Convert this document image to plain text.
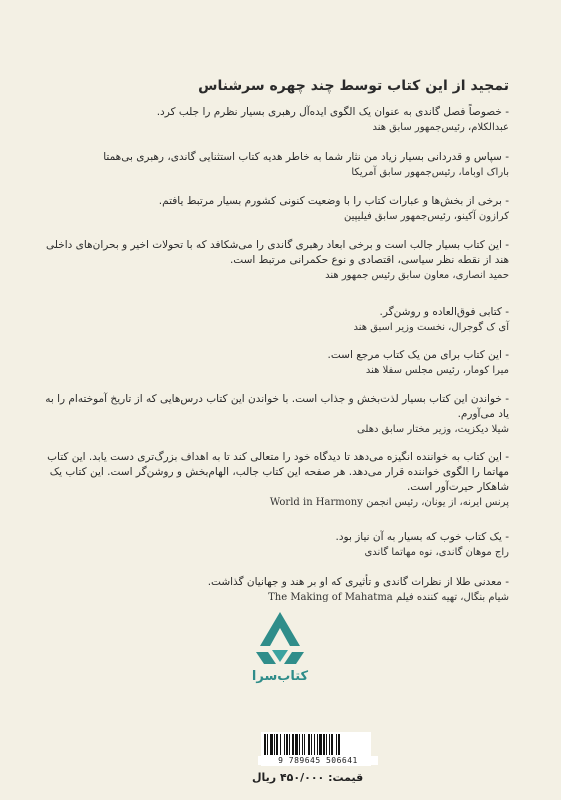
تمجید از این کتاب توسط چند چهره سرشناس

- خصوصاً فصل گاندی به عنوان یک الگوی ایده‌آل رهبری بسیار نظرم را جلب کرد.

عبدالکلام، رئیس‌جمهور سابق هند

- سپاس و قدردانی بسیار زیاد من نثار شما به خاطر هدیه کتاب استثنایی گاندی، رهبری بی‌همتا

باراک اوباما، رئیس‌جمهور سابق آمریکا

- برخی از بخش‌ها و عبارات کتاب را با وضعیت کنونی کشورم بسیار مرتبط یافتم.

کرازون آکینو، رئیس‌جمهور سابق فیلیپین

- این کتاب بسیار جالب است و برخی ابعاد رهبری گاندی را می‌شکافد که با تحولات اخیر و بحران‌های داخلی هند از نقطه نظر سیاسی، اقتصادی و نوع حکمرانی مرتبط است.

حمید انصاری، معاون سابق رئیس جمهور هند

- کتابی فوق‌العاده و روشن‌گر.

آی ک گوجرال، نخست وزیر اسبق هند

- این کتاب برای من یک کتاب مرجع است.

میرا کومار، رئیس مجلس سفلا هند

- خواندن این کتاب بسیار لذت‌بخش و جذاب است. با خواندن این کتاب درس‌هایی که از تاریخ آموخته‌ام را به یاد می‌آورم.

شیلا دیکزیت، وزیر مختار سابق دهلی

- این کتاب به خواننده انگیزه می‌دهد تا دیدگاه خود را متعالی کند تا به اهداف بزرگ‌تری دست یابد. این کتاب مهاتما را الگوی خواننده قرار می‌دهد. هر صفحه این کتاب جالب، الهام‌بخش و روشن‌گر است. این کتاب یک شاهکار حیرت‌آور است.

پرنس ایرنه، از یونان، رئیس انجمن World in Harmony

- یک کتاب خوب که بسیار به آن نیاز بود.

راج موهان گاندی، نوه مهاتما گاندی

- معدنی طلا از نظرات گاندی و تأثیری که او بر هند و جهانیان گذاشت.

شیام بنگال، تهیه کننده فیلم The Making of Mahatma

کتاب‌سرا
9 789645 506641
قیمت: ۴۵۰/۰۰۰ ریال
